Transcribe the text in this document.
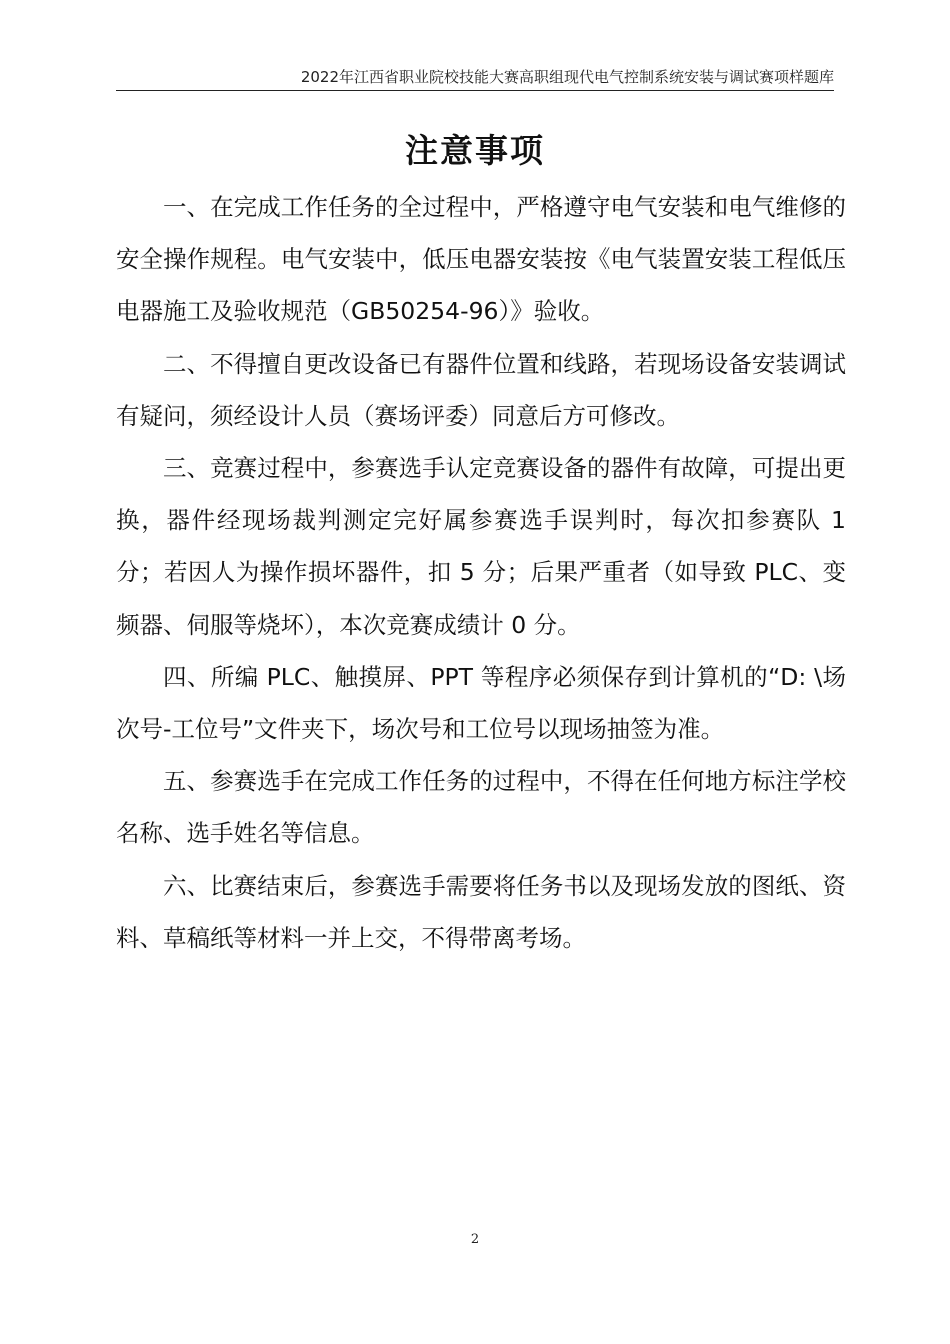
2022年江西省职业院校技能大赛高职组现代电气控制系统安装与调试赛项样题库
注意事项

一、在完成工作任务的全过程中，严格遵守电气安装和电气维修的安全操作规程。电气安装中，低压电器安装按《电气装置安装工程低压电器施工及验收规范（GB50254-96）》验收。

二、不得擅自更改设备已有器件位置和线路，若现场设备安装调试有疑问，须经设计人员（赛场评委）同意后方可修改。

三、竞赛过程中，参赛选手认定竞赛设备的器件有故障，可提出更换，器件经现场裁判测定完好属参赛选手误判时，每次扣参赛队 1 分；若因人为操作损坏器件，扣 5 分；后果严重者（如导致 PLC、变频器、伺服等烧坏），本次竞赛成绩计 0 分。

四、所编 PLC、触摸屏、PPT 等程序必须保存到计算机的“D: \场次号-工位号”文件夹下，场次号和工位号以现场抽签为准。

五、参赛选手在完成工作任务的过程中，不得在任何地方标注学校名称、选手姓名等信息。

六、比赛结束后，参赛选手需要将任务书以及现场发放的图纸、资料、草稿纸等材料一并上交，不得带离考场。

2
